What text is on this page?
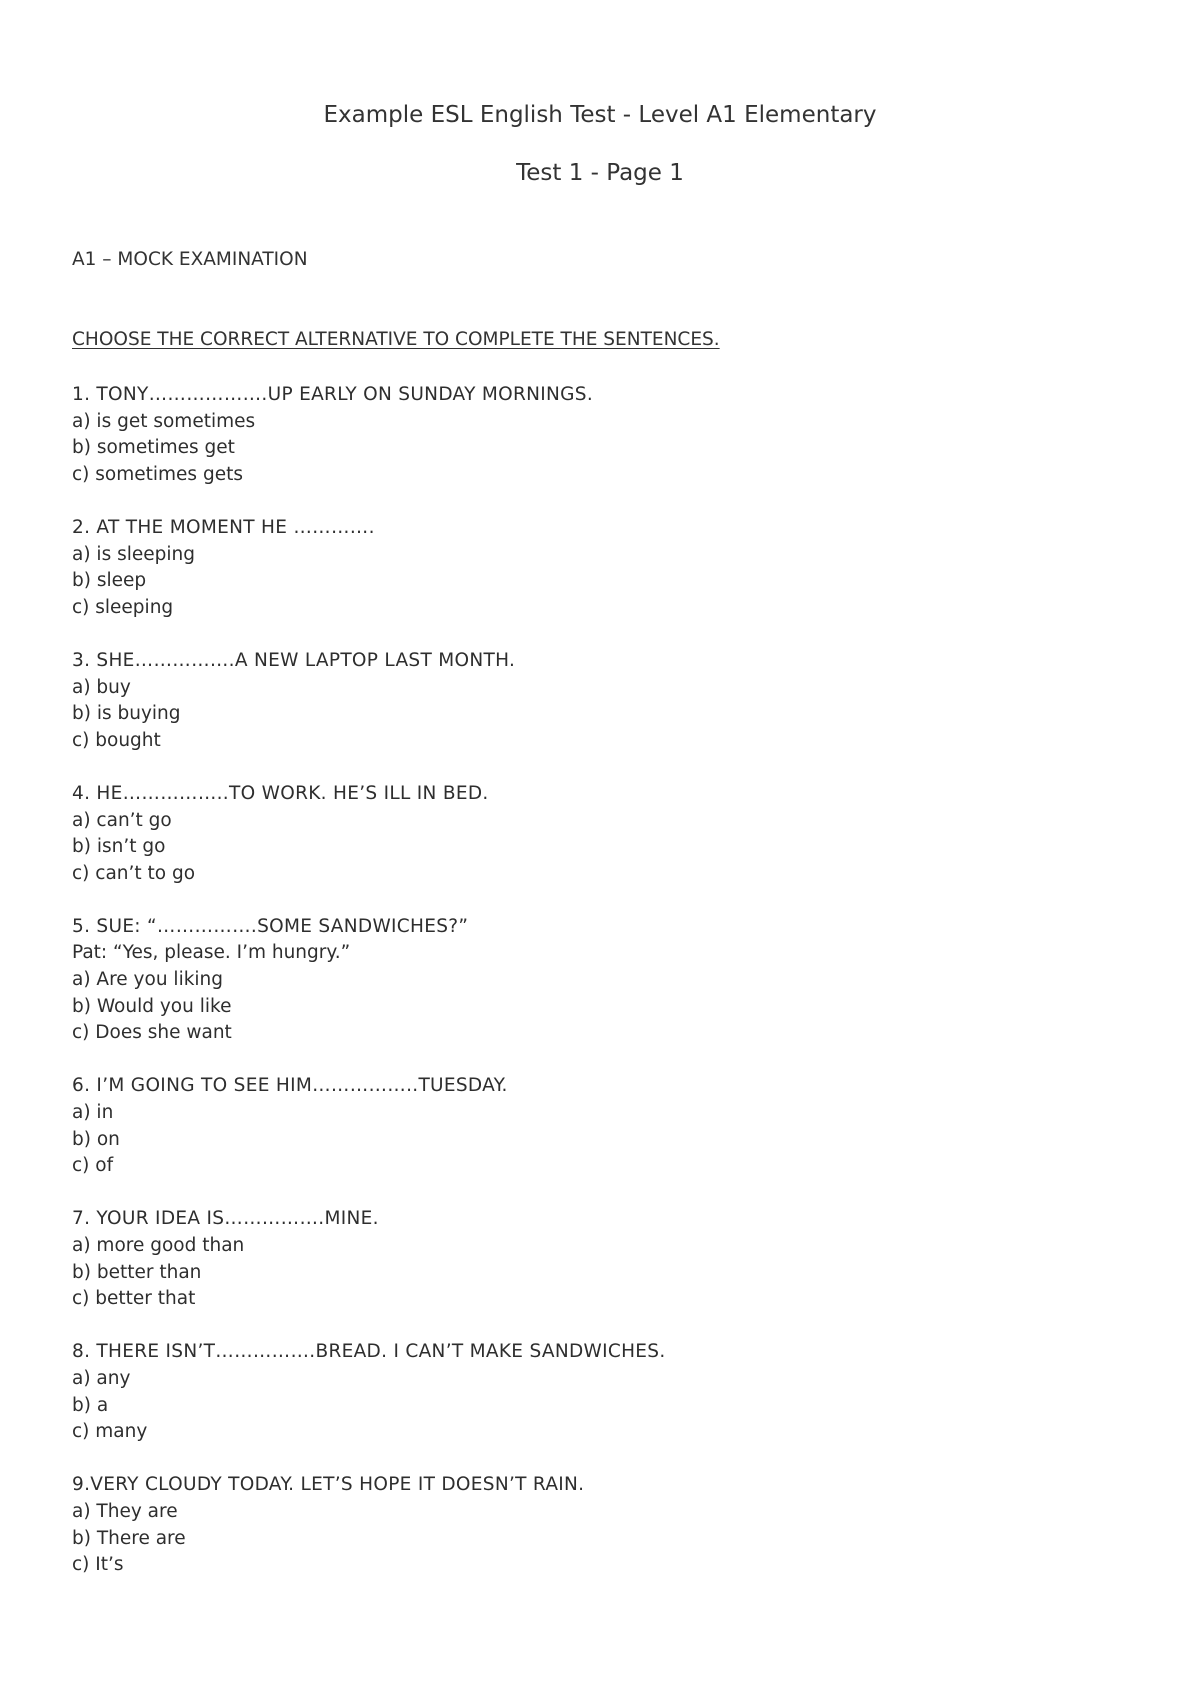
Example ESL English Test - Level A1 Elementary
Test 1 - Page 1
A1 – MOCK EXAMINATION
CHOOSE THE CORRECT ALTERNATIVE TO COMPLETE THE SENTENCES.
1. TONY……………….UP EARLY ON SUNDAY MORNINGS.
a) is get sometimes
b) sometimes get
c) sometimes gets
2. AT THE MOMENT HE ………….
a) is sleeping
b) sleep
c) sleeping
3. SHE…………….A NEW LAPTOP LAST MONTH.
a) buy
b) is buying
c) bought
4. HE……………..TO WORK. HE’S ILL IN BED.
a) can’t go
b) isn’t go
c) can’t to go
5. SUE: “…………….SOME SANDWICHES?”
Pat: “Yes, please. I’m hungry.”
a) Are you liking
b) Would you like
c) Does she want
6. I’M GOING TO SEE HIM……………..TUESDAY.
a) in
b) on
c) of
7. YOUR IDEA IS…………….MINE.
a) more good than
b) better than
c) better that
8. THERE ISN’T…………….BREAD. I CAN’T MAKE SANDWICHES.
a) any
b) a
c) many
9.VERY CLOUDY TODAY. LET’S HOPE IT DOESN’T RAIN.
a) They are
b) There are
c) It’s
